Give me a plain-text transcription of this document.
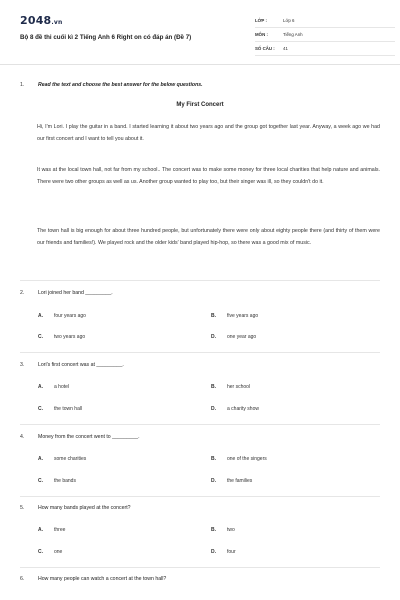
2048.vn
Bộ 8 đề thi cuối kì 2 Tiếng Anh 6 Right on có đáp án (Đề 7)
LỚP :	Lớp 6
MÔN :	Tiếng Anh
SỐ CÂU :	41
1.	Read the text and choose the best answer for the below questions.
My First Concert

Hi, I'm Lori. I play the guitar in a band. I started learning it about two years ago and the group got together last year. Anyway, a week ago we had our first concert and I want to tell you about it.

It was at the local town hall, not far from my school.. The concert was to make some money for three local charities that help nature and animals. There were two other groups as well as us. Another group wanted to play too, but their singer was ill, so they couldn't do it.

The town hall is big enough for about three hundred people, but unfortunately there were only about eighty people there (and thirty of them were our friends and families!). We played rock and the older kids' band played hip-hop, so there was a good mix of music.

2.	Lori joined her band _________.
A. four years ago	B. five years ago
C. two years ago	D. one year ago
3.	Lori's first concert was at _________.
A. a hotel	B. her school
C. the town hall	D. a charity show
4.	Money from the concert went to _________.
A. some charities	B. one of the singers
C. the bands	D. the families
5.	How many bands played at the concert?
A. three	B. two
C. one	D. four
6.	How many people can watch a concert at the town hall?
